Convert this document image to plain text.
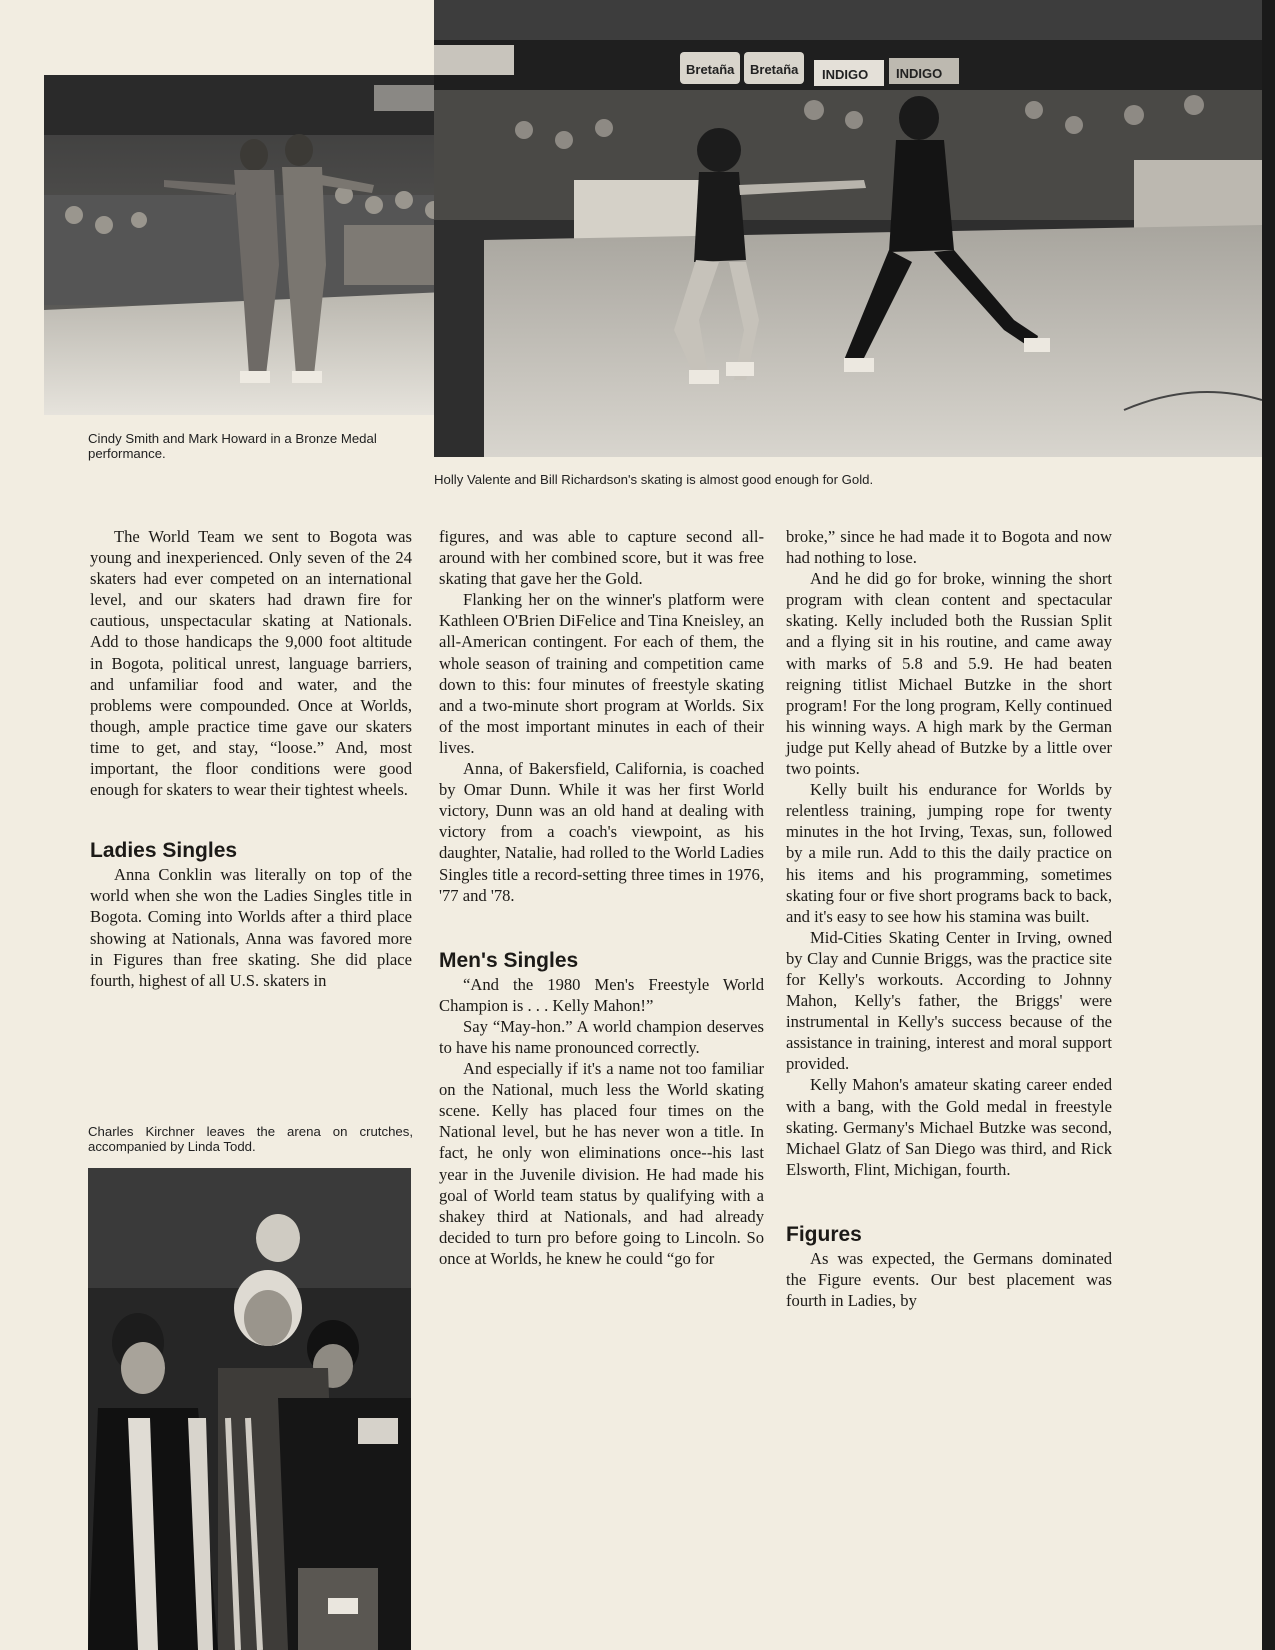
Bretaña Bretaña INDIGO INDIGO

Cindy Smith and Mark Howard in a Bronze Medal performance.

Holly Valente and Bill Richardson's skating is almost good enough for Gold.

The World Team we sent to Bogota was young and inexperienced. Only seven of the 24 skaters had ever competed on an international level, and our skaters had drawn fire for cautious, unspectacular skating at Nationals. Add to those handicaps the 9,000 foot altitude in Bogota, political unrest, language barriers, and unfamiliar food and water, and the problems were compounded. Once at Worlds, though, ample practice time gave our skaters time to get, and stay, “loose.” And, most important, the floor conditions were good enough for skaters to wear their tightest wheels.

Ladies Singles

Anna Conklin was literally on top of the world when she won the Ladies Singles title in Bogota. Coming into Worlds after a third place showing at Nationals, Anna was favored more in Figures than free skating. She did place fourth, highest of all U.S. skaters in

Charles Kirchner leaves the arena on crutches, accompanied by Linda Todd.

figures, and was able to capture second all-around with her combined score, but it was free skating that gave her the Gold.

Flanking her on the winner's platform were Kathleen O'Brien DiFelice and Tina Kneisley, an all-American contingent. For each of them, the whole season of training and competition came down to this: four minutes of freestyle skating and a two-minute short program at Worlds. Six of the most important minutes in each of their lives.

Anna, of Bakersfield, California, is coached by Omar Dunn. While it was her first World victory, Dunn was an old hand at dealing with victory from a coach's viewpoint, as his daughter, Natalie, had rolled to the World Ladies Singles title a record-setting three times in 1976, '77 and '78.

Men's Singles

“And the 1980 Men's Freestyle World Champion is . . . Kelly Mahon!”

Say “May-hon.” A world champion deserves to have his name pronounced correctly.

And especially if it's a name not too familiar on the National, much less the World skating scene. Kelly has placed four times on the National level, but he has never won a title. In fact, he only won eliminations once--his last year in the Juvenile division. He had made his goal of World team status by qualifying with a shakey third at Nationals, and had already decided to turn pro before going to Lincoln. So once at Worlds, he knew he could “go for

broke,” since he had made it to Bogota and now had nothing to lose.

And he did go for broke, winning the short program with clean content and spectacular skating. Kelly included both the Russian Split and a flying sit in his routine, and came away with marks of 5.8 and 5.9. He had beaten reigning titlist Michael Butzke in the short program! For the long program, Kelly continued his winning ways. A high mark by the German judge put Kelly ahead of Butzke by a little over two points.

Kelly built his endurance for Worlds by relentless training, jumping rope for twenty minutes in the hot Irving, Texas, sun, followed by a mile run. Add to this the daily practice on his items and his programming, sometimes skating four or five short programs back to back, and it's easy to see how his stamina was built.

Mid-Cities Skating Center in Irving, owned by Clay and Cunnie Briggs, was the practice site for Kelly's workouts. According to Johnny Mahon, Kelly's father, the Briggs' were instrumental in Kelly's success because of the assistance in training, interest and moral support provided.

Kelly Mahon's amateur skating career ended with a bang, with the Gold medal in freestyle skating. Germany's Michael Butzke was second, Michael Glatz of San Diego was third, and Rick Elsworth, Flint, Michigan, fourth.

Figures

As was expected, the Germans dominated the Figure events. Our best placement was fourth in Ladies, by
